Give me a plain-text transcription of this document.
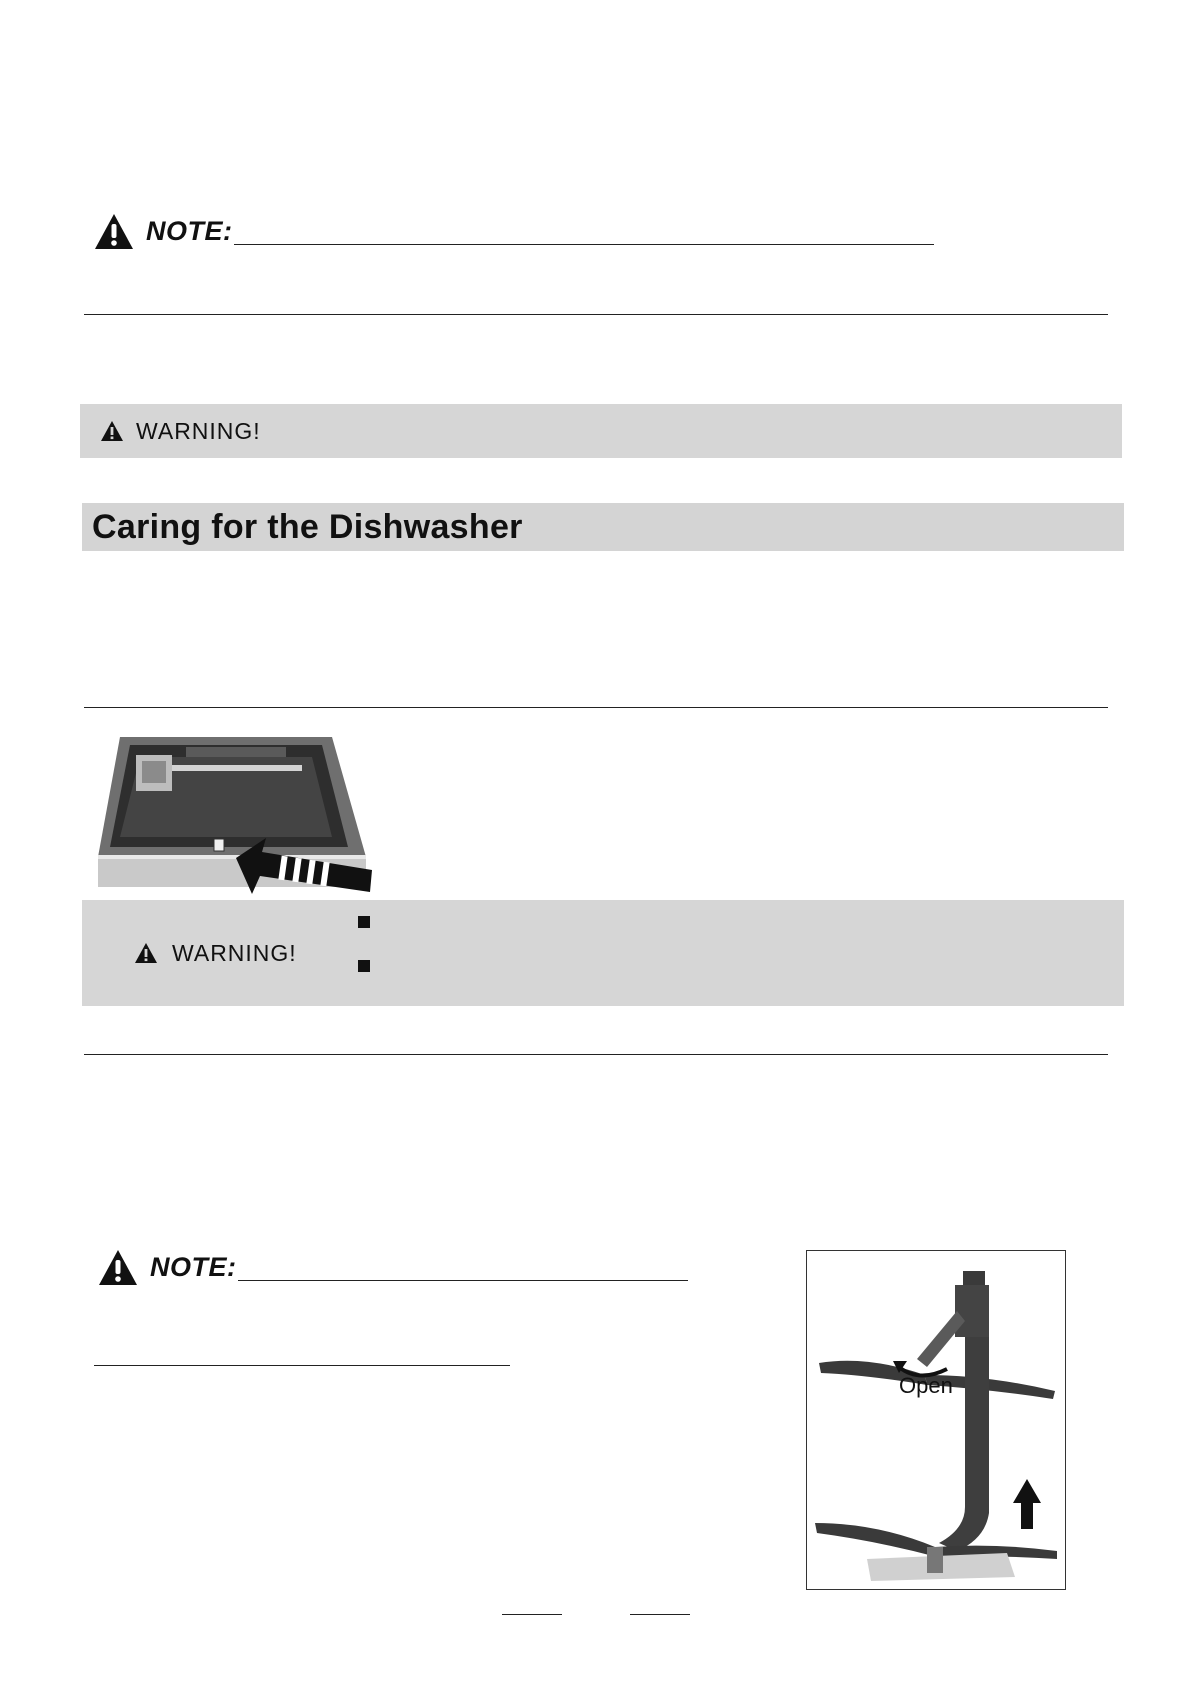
NOTE:
WARNING!
Caring for the Dishwasher
WARNING!
NOTE:
Open
